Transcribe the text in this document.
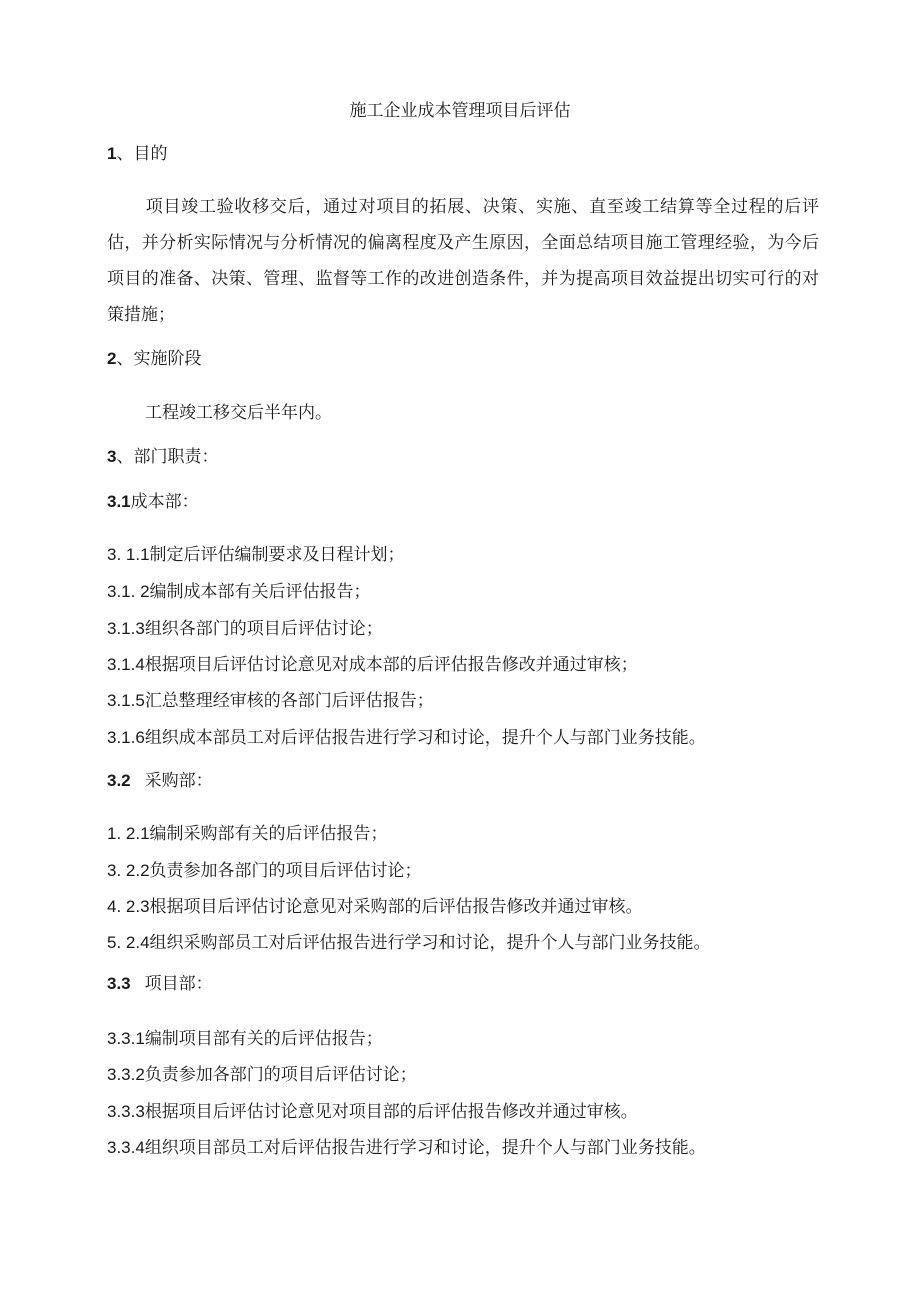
施工企业成本管理项目后评估
1、目的
项目竣工验收移交后，通过对项目的拓展、决策、实施、直至竣工结算等全过程的后评估，并分析实际情况与分析情况的偏离程度及产生原因，全面总结项目施工管理经验，为今后项目的准备、决策、管理、监督等工作的改进创造条件，并为提高项目效益提出切实可行的对策措施；
2、实施阶段
工程竣工移交后半年内。
3、部门职责：
3.1成本部：
3. 1.1制定后评估编制要求及日程计划；
3.1. 2编制成本部有关后评估报告；
3.1.3组织各部门的项目后评估讨论；
3.1.4根据项目后评估讨论意见对成本部的后评估报告修改并通过审核；
3.1.5汇总整理经审核的各部门后评估报告；
3.1.6组织成本部员工对后评估报告进行学习和讨论，提升个人与部门业务技能。
3.2 采购部：
1. 2.1编制采购部有关的后评估报告；
3. 2.2负责参加各部门的项目后评估讨论；
4. 2.3根据项目后评估讨论意见对采购部的后评估报告修改并通过审核。
5. 2.4组织采购部员工对后评估报告进行学习和讨论，提升个人与部门业务技能。
3.3 项目部：
3.3.1编制项目部有关的后评估报告；
3.3.2负责参加各部门的项目后评估讨论；
3.3.3根据项目后评估讨论意见对项目部的后评估报告修改并通过审核。
3.3.4组织项目部员工对后评估报告进行学习和讨论，提升个人与部门业务技能。
